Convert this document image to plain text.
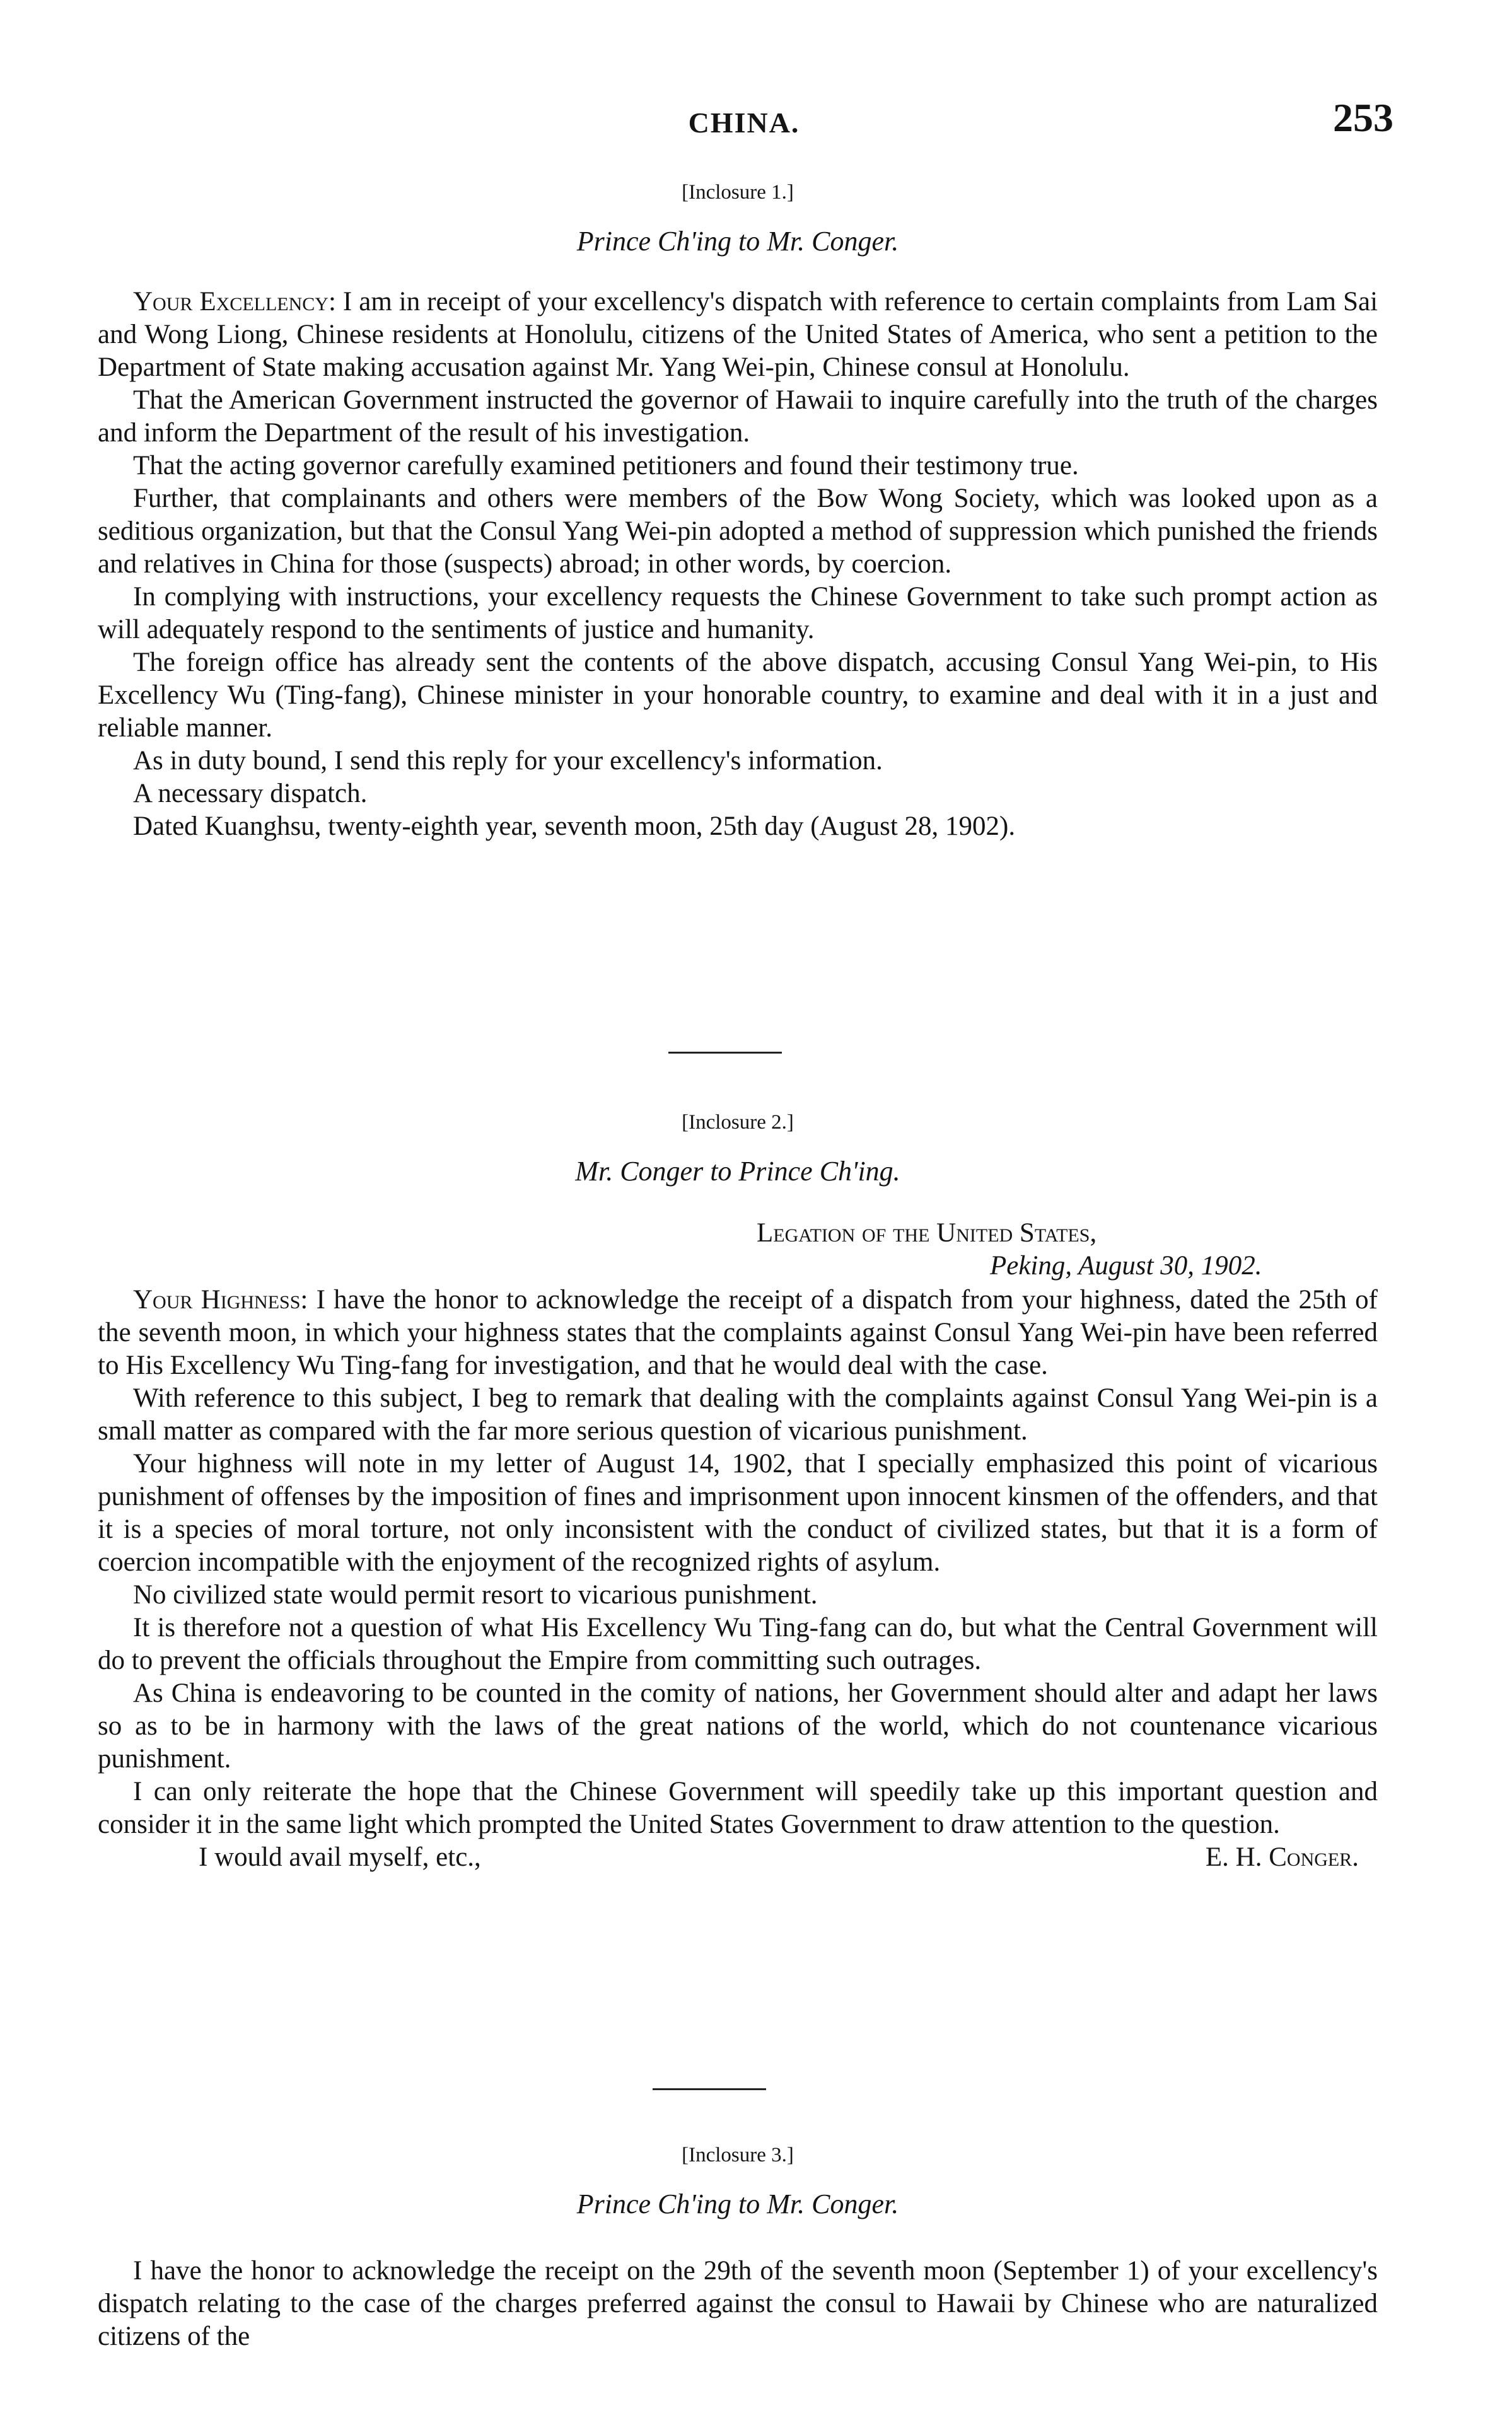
CHINA.	253
[Inclosure 1.]
Prince Ch'ing to Mr. Conger.

Your Excellency: I am in receipt of your excellency's dispatch with reference to certain complaints from Lam Sai and Wong Liong, Chinese residents at Honolulu, citizens of the United States of America, who sent a petition to the Department of State making accusation against Mr. Yang Wei-pin, Chinese consul at Honolulu.

That the American Government instructed the governor of Hawaii to inquire carefully into the truth of the charges and inform the Department of the result of his investigation.

That the acting governor carefully examined petitioners and found their testimony true.

Further, that complainants and others were members of the Bow Wong Society, which was looked upon as a seditious organization, but that the Consul Yang Wei-pin adopted a method of suppression which punished the friends and relatives in China for those (suspects) abroad; in other words, by coercion.

In complying with instructions, your excellency requests the Chinese Government to take such prompt action as will adequately respond to the sentiments of justice and humanity.

The foreign office has already sent the contents of the above dispatch, accusing Consul Yang Wei-pin, to His Excellency Wu (Ting-fang), Chinese minister in your honorable country, to examine and deal with it in a just and reliable manner.

As in duty bound, I send this reply for your excellency's information.

A necessary dispatch.

Dated Kuanghsu, twenty-eighth year, seventh moon, 25th day (August 28, 1902).

[Inclosure 2.]
Mr. Conger to Prince Ch'ing.
Legation of the United States,
Peking, August 30, 1902.

Your Highness: I have the honor to acknowledge the receipt of a dispatch from your highness, dated the 25th of the seventh moon, in which your highness states that the complaints against Consul Yang Wei-pin have been referred to His Excellency Wu Ting-fang for investigation, and that he would deal with the case.

With reference to this subject, I beg to remark that dealing with the complaints against Consul Yang Wei-pin is a small matter as compared with the far more serious question of vicarious punishment.

Your highness will note in my letter of August 14, 1902, that I specially emphasized this point of vicarious punishment of offenses by the imposition of fines and imprisonment upon innocent kinsmen of the offenders, and that it is a species of moral torture, not only inconsistent with the conduct of civilized states, but that it is a form of coercion incompatible with the enjoyment of the recognized rights of asylum.

No civilized state would permit resort to vicarious punishment.

It is therefore not a question of what His Excellency Wu Ting-fang can do, but what the Central Government will do to prevent the officials throughout the Empire from committing such outrages.

As China is endeavoring to be counted in the comity of nations, her Government should alter and adapt her laws so as to be in harmony with the laws of the great nations of the world, which do not countenance vicarious punishment.

I can only reiterate the hope that the Chinese Government will speedily take up this important question and consider it in the same light which prompted the United States Government to draw attention to the question.

I would avail myself, etc.,	E. H. Conger.
[Inclosure 3.]
Prince Ch'ing to Mr. Conger.

I have the honor to acknowledge the receipt on the 29th of the seventh moon (September 1) of your excellency's dispatch relating to the case of the charges preferred against the consul to Hawaii by Chinese who are naturalized citizens of the
